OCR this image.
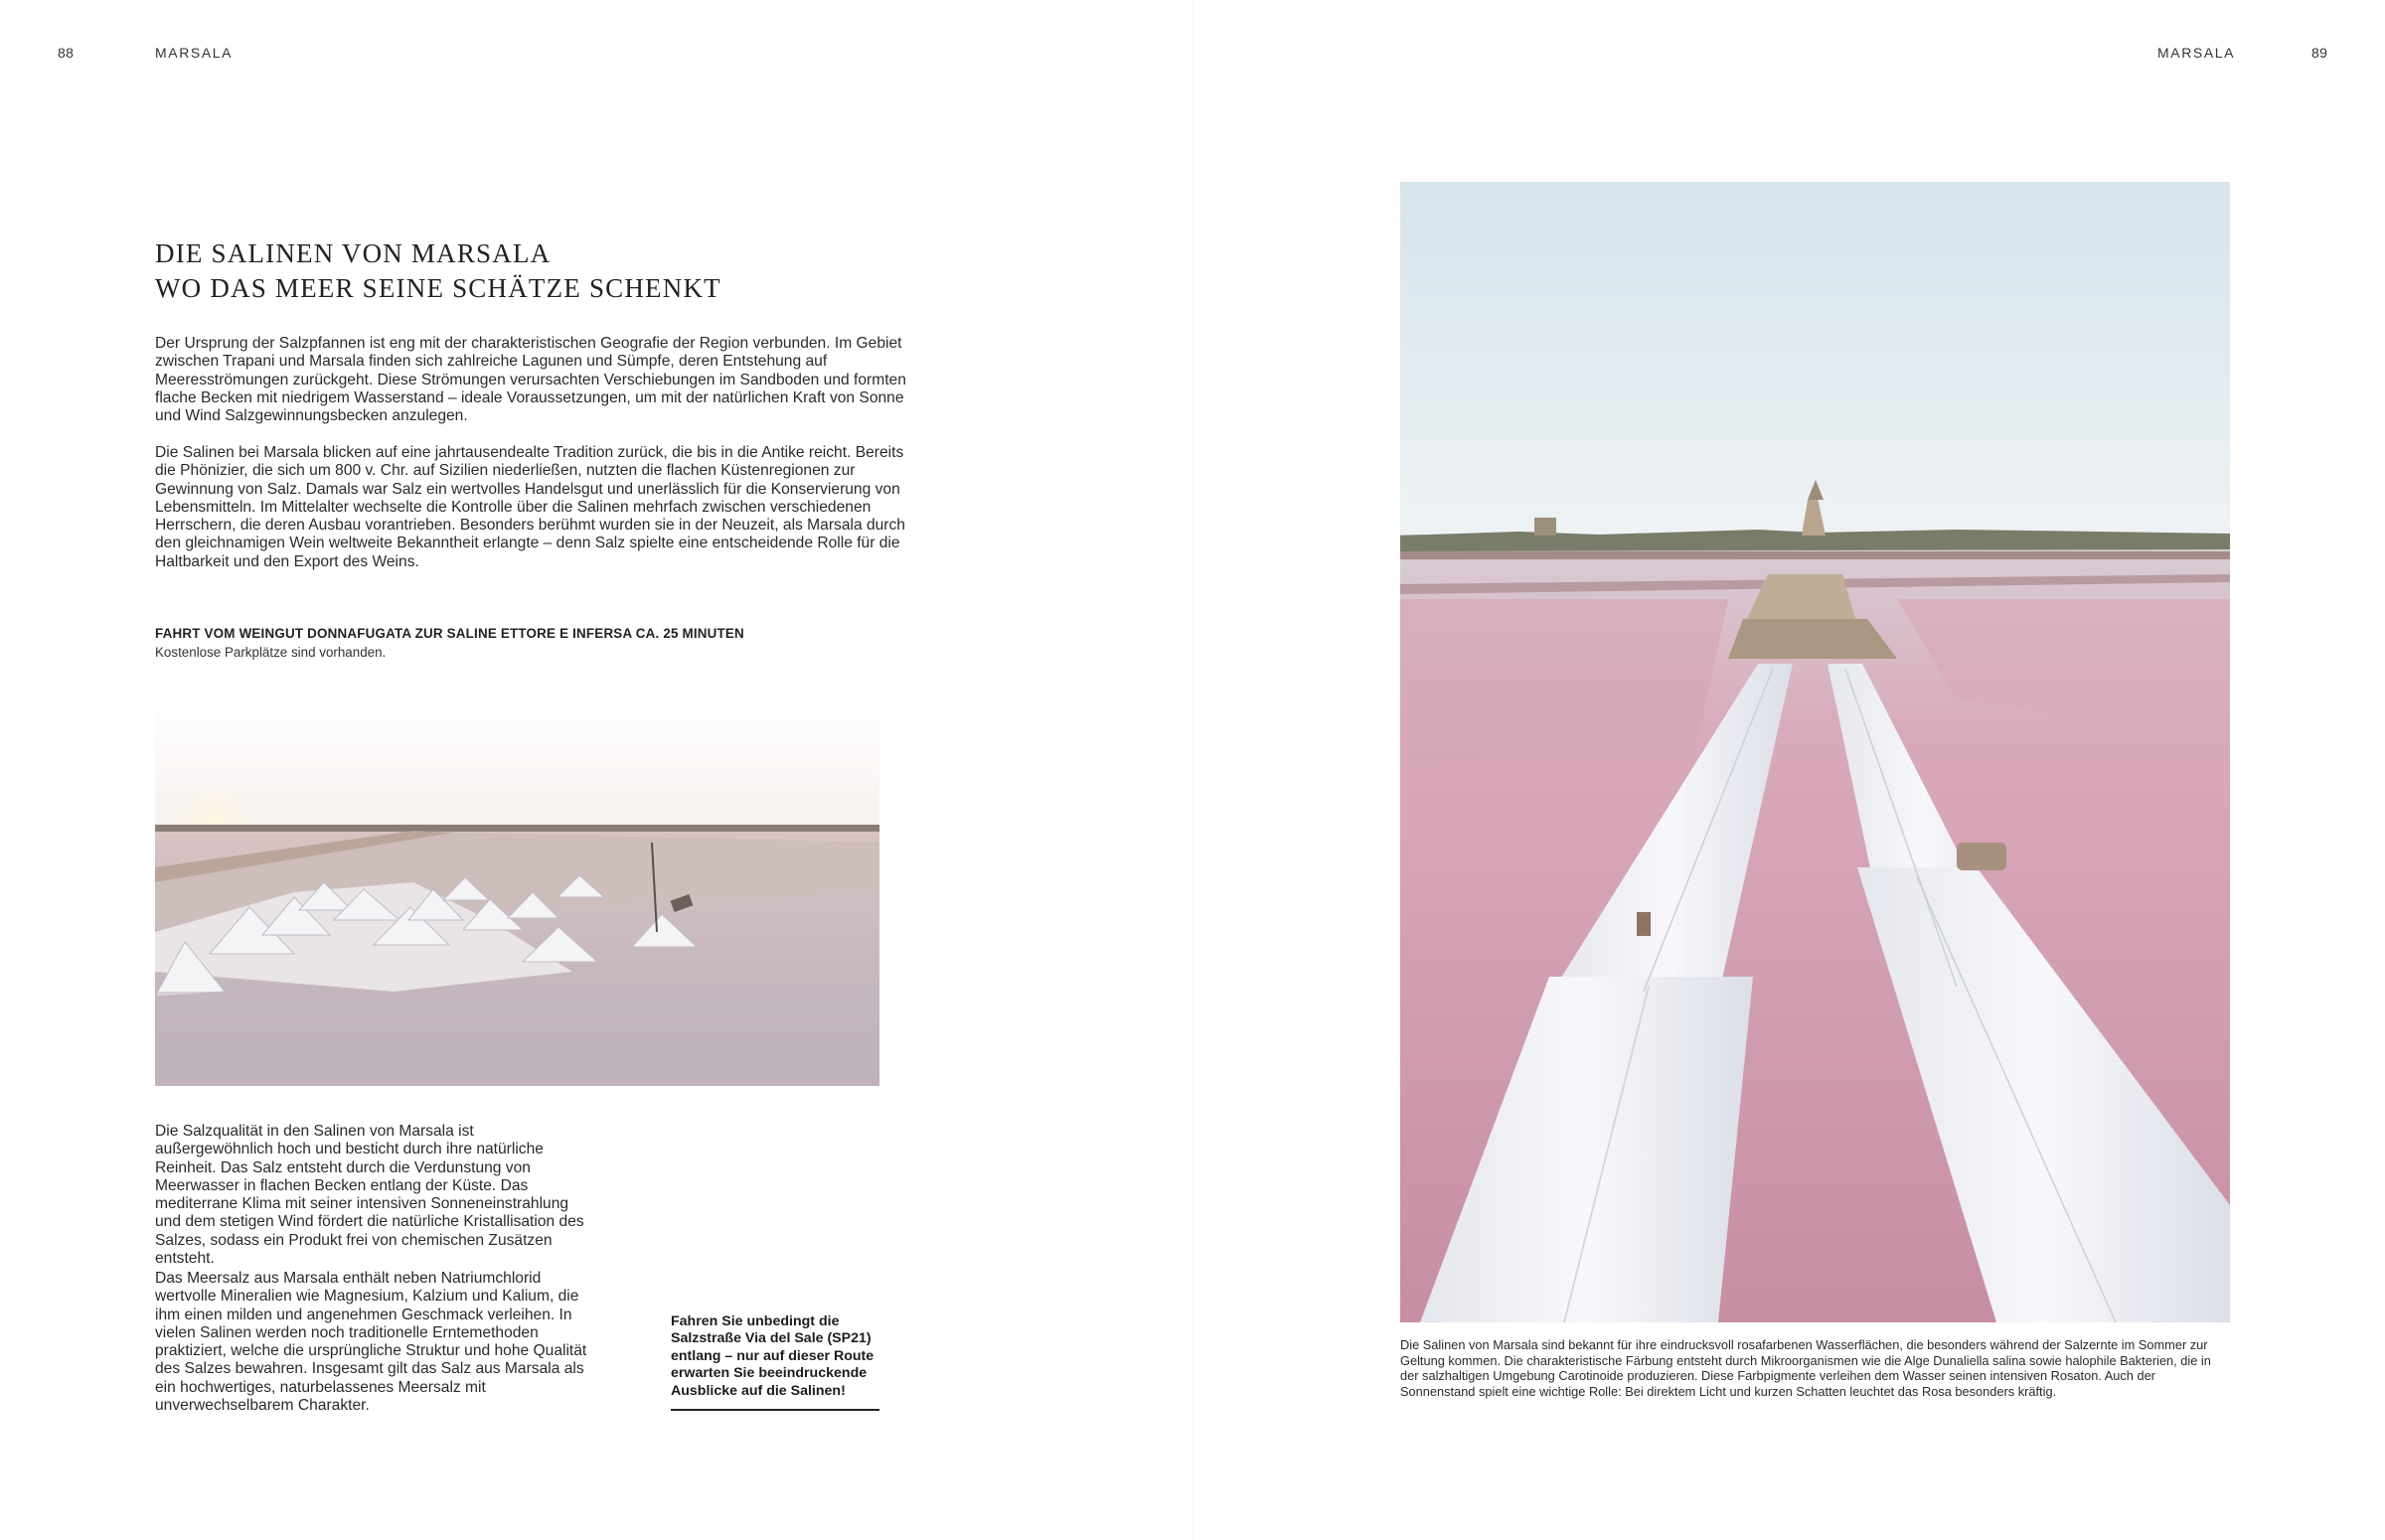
88	MARSALA
DIE SALINEN VON MARSALA
WO DAS MEER SEINE SCHÄTZE SCHENKT

Der Ursprung der Salzpfannen ist eng mit der charakteristischen Geografie der Region verbunden. Im Gebiet zwischen Trapani und Marsala finden sich zahlreiche Lagunen und Sümpfe, deren Entstehung auf Meeresströmungen zurückgeht. Diese Strömungen verursachten Verschiebungen im Sandboden und formten flache Becken mit niedrigem Wasserstand – ideale Voraussetzungen, um mit der natürlichen Kraft von Sonne und Wind Salzgewinnungsbecken anzulegen.

Die Salinen bei Marsala blicken auf eine jahrtausendealte Tradition zurück, die bis in die Antike reicht. Bereits die Phönizier, die sich um 800 v. Chr. auf Sizilien niederließen, nutzten die flachen Küstenregionen zur Gewinnung von Salz. Damals war Salz ein wertvolles Handelsgut und unerlässlich für die Konservierung von Lebensmitteln. Im Mittelalter wechselte die Kontrolle über die Salinen mehrfach zwischen verschiedenen Herrschern, die deren Ausbau vorantrieben. Besonders berühmt wurden sie in der Neuzeit, als Marsala durch den gleichnamigen Wein weltweite Bekanntheit erlangte – denn Salz spielte eine entscheidende Rolle für die Haltbarkeit und den Export des Weins.

FAHRT VOM WEINGUT DONNAFUGATA ZUR SALINE ETTORE E INFERSA CA. 25 MINUTEN
Kostenlose Parkplätze sind vorhanden.

Die Salzqualität in den Salinen von Marsala ist außergewöhnlich hoch und besticht durch ihre natürliche Reinheit. Das Salz entsteht durch die Verdunstung von Meerwasser in flachen Becken entlang der Küste. Das mediterrane Klima mit seiner intensiven Sonneneinstrahlung und dem stetigen Wind fördert die natürliche Kristallisation des Salzes, sodass ein Produkt frei von chemischen Zusätzen entsteht.

Das Meersalz aus Marsala enthält neben Natriumchlorid wertvolle Mineralien wie Magnesium, Kalzium und Kalium, die ihm einen milden und angenehmen Geschmack verleihen. In vielen Salinen werden noch traditionelle Erntemethoden praktiziert, welche die ursprüngliche Struktur und hohe Qualität des Salzes bewahren. Insgesamt gilt das Salz aus Marsala als ein hochwertiges, naturbelassenes Meersalz mit unverwechselbarem Charakter.

Fahren Sie unbedingt die Salzstraße Via del Sale (SP21) entlang – nur auf dieser Route erwarten Sie beeindruckende Ausblicke auf die Salinen!
MARSALA	89
Die Salinen von Marsala sind bekannt für ihre eindrucksvoll rosafarbenen Wasserflächen, die besonders während der Salzernte im Sommer zur Geltung kommen. Die charakteristische Färbung entsteht durch Mikroorganismen wie die Alge Dunaliella salina sowie halophile Bakterien, die in der salzhaltigen Umgebung Carotinoide produzieren. Diese Farbpigmente verleihen dem Wasser seinen intensiven Rosaton. Auch der Sonnenstand spielt eine wichtige Rolle: Bei direktem Licht und kurzen Schatten leuchtet das Rosa besonders kräftig.
